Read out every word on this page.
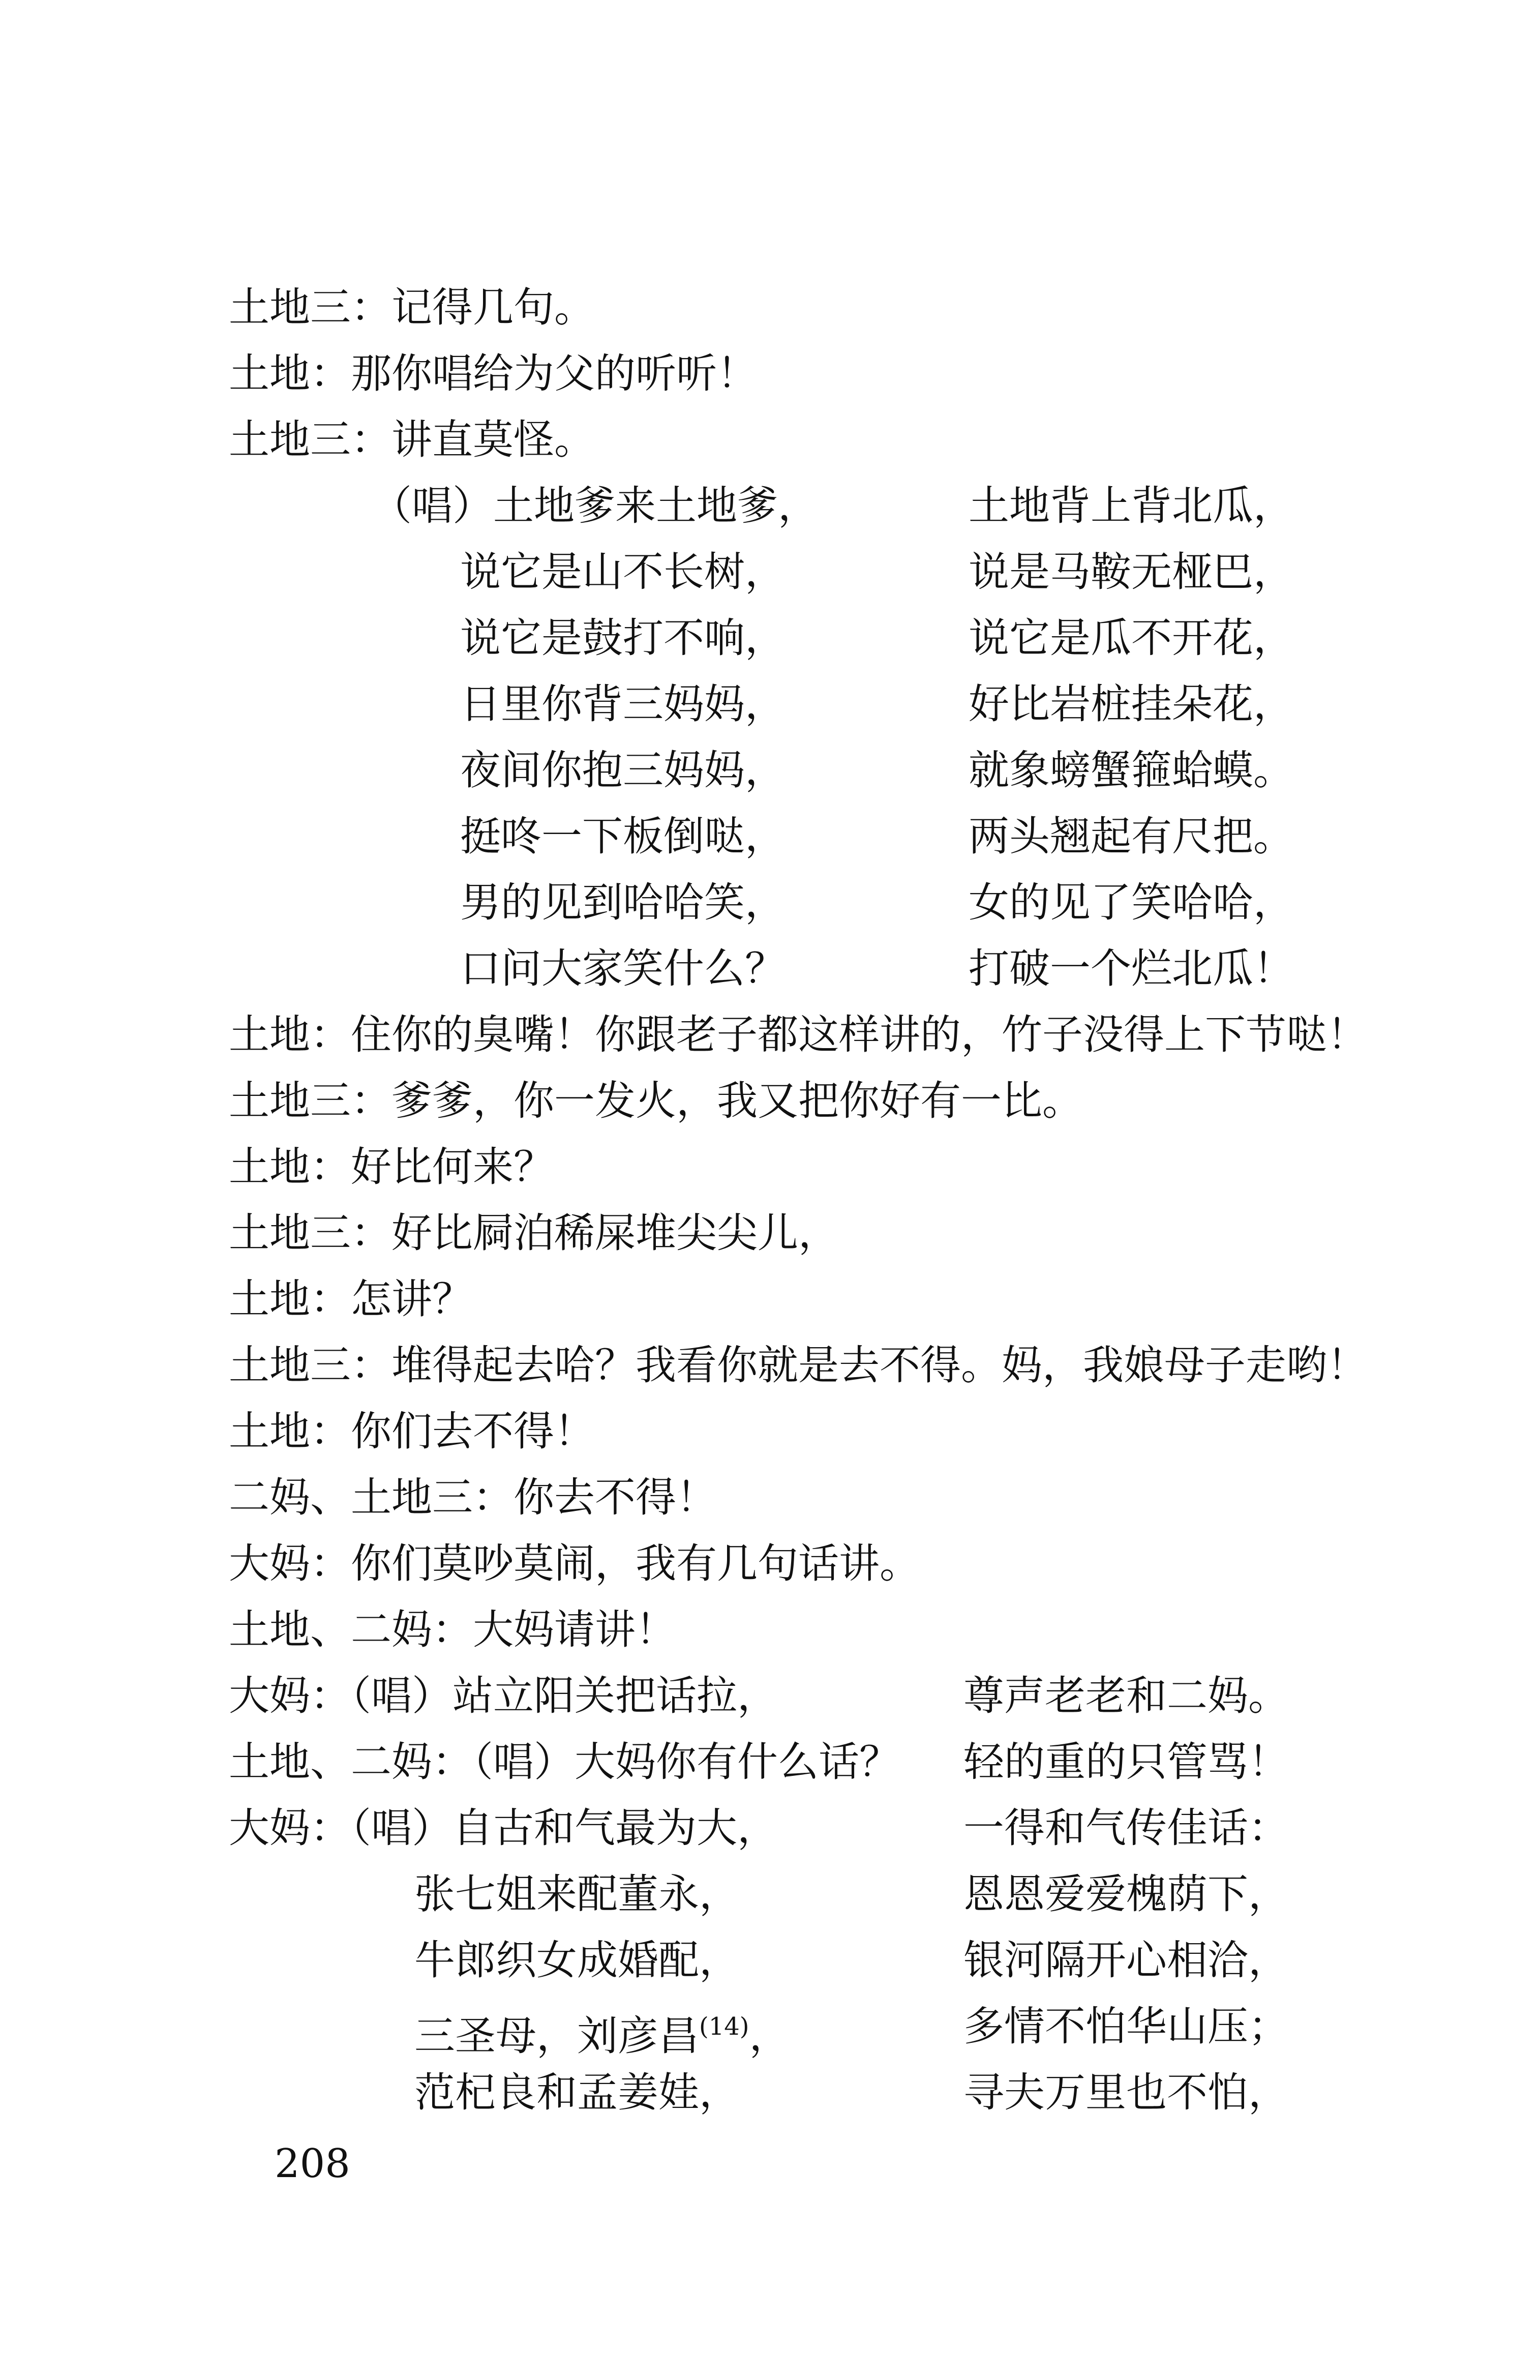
土地三：记得几句。
土地：那你唱给为父的听听！
土地三：讲直莫怪。
（唱）土地爹来土地爹，
说它是山不长树，
说它是鼓打不响，
日里你背三妈妈，
夜间你抱三妈妈，
挺咚一下板倒哒，
男的见到哈哈笑，
口问大家笑什么？
土地背上背北瓜，
说是马鞍无桠巴，
说它是瓜不开花，
好比岩桩挂朵花，
就象螃蟹箍蛤蟆。
两头翘起有尺把。
女的见了笑哈哈，
打破一个烂北瓜！
土地：住你的臭嘴！你跟老子都这样讲的，竹子没得上下节哒！
土地三：爹爹，你一发火，我又把你好有一比。
土地：好比何来？
土地三：好比屙泊稀屎堆尖尖儿，
土地：怎讲？
土地三：堆得起去哈？我看你就是去不得。妈，我娘母子走哟！
土地：你们去不得！
二妈、土地三：你去不得！
大妈：你们莫吵莫闹，我有几句话讲。
土地、二妈：大妈请讲！
大妈：（唱）站立阳关把话拉，	尊声老老和二妈。
土地、二妈：（唱）大妈你有什么话？ 轻的重的只管骂！
大妈：（唱）自古和气最为大，	一得和气传佳话：
张七姐来配董永，
牛郎织女成婚配，
三圣母，刘彦昌$^{(14)}$，
范杞良和孟姜娃，
恩恩爱爱槐荫下，
银河隔开心相洽，
多情不怕华山压；
寻夫万里也不怕，
208
